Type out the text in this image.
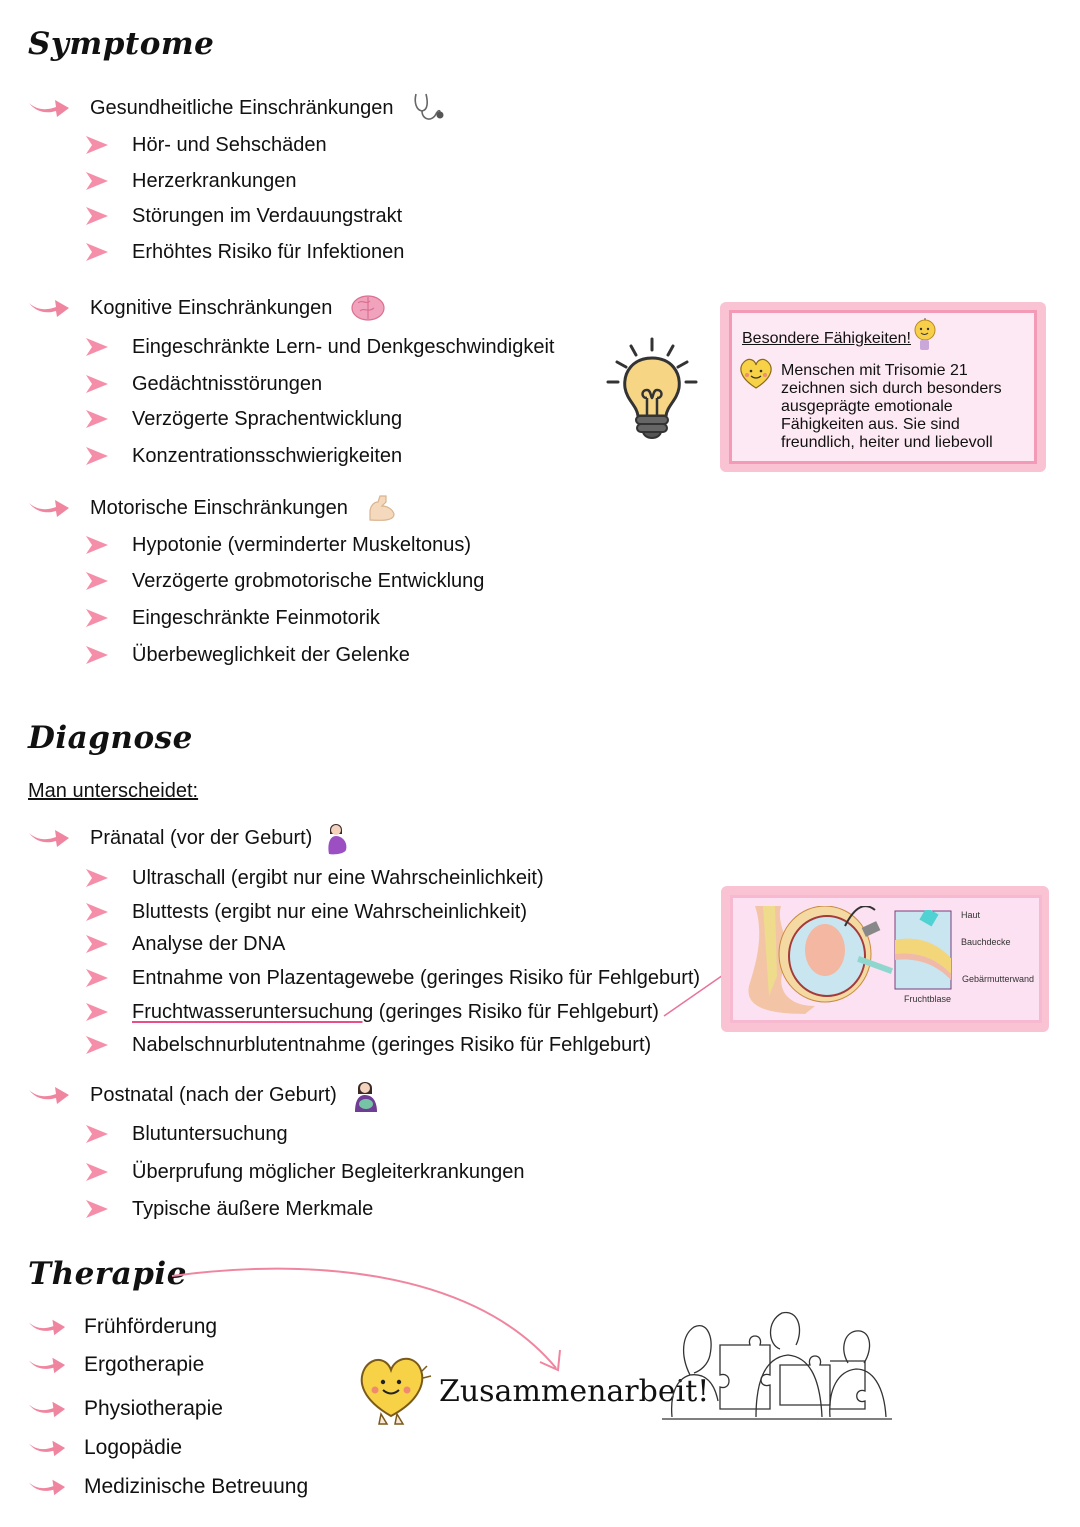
Symptome
Gesundheitliche Einschränkungen
Hör- und Sehschäden
Herzerkrankungen
Störungen im Verdauungstrakt
Erhöhtes Risiko für Infektionen
Kognitive Einschränkungen
Eingeschränkte Lern- und Denkgeschwindigkeit
Gedächtnisstörungen
Verzögerte Sprachentwicklung
Konzentrationsschwierigkeiten
Besondere Fähigkeiten!
Menschen mit Trisomie 21
zeichnen sich durch besonders
ausgeprägte emotionale
Fähigkeiten aus. Sie sind
freundlich, heiter und liebevoll
Motorische Einschränkungen
Hypotonie (verminderter Muskeltonus)
Verzögerte grobmotorische Entwicklung
Eingeschränkte Feinmotorik
Überbeweglichkeit der Gelenke
Diagnose
Man unterscheidet:
Pränatal (vor der Geburt)
Ultraschall (ergibt nur eine Wahrscheinlichkeit)
Bluttests (ergibt nur eine Wahrscheinlichkeit)
Analyse der DNA
Entnahme von Plazentagewebe (geringes Risiko für Fehlgeburt)
Fruchtwasseruntersuchung (geringes Risiko für Fehlgeburt)
Nabelschnurblutentnahme (geringes Risiko für Fehlgeburt)
Haut
Bauchdecke
Gebärmutterwand
Fruchtblase
Postnatal (nach der Geburt)
Blutuntersuchung
Überprufung möglicher Begleiterkrankungen
Typische äußere Merkmale
Therapie
Frühförderung
Ergotherapie
Physiotherapie
Logopädie
Medizinische Betreuung
Zusammenarbeit!
